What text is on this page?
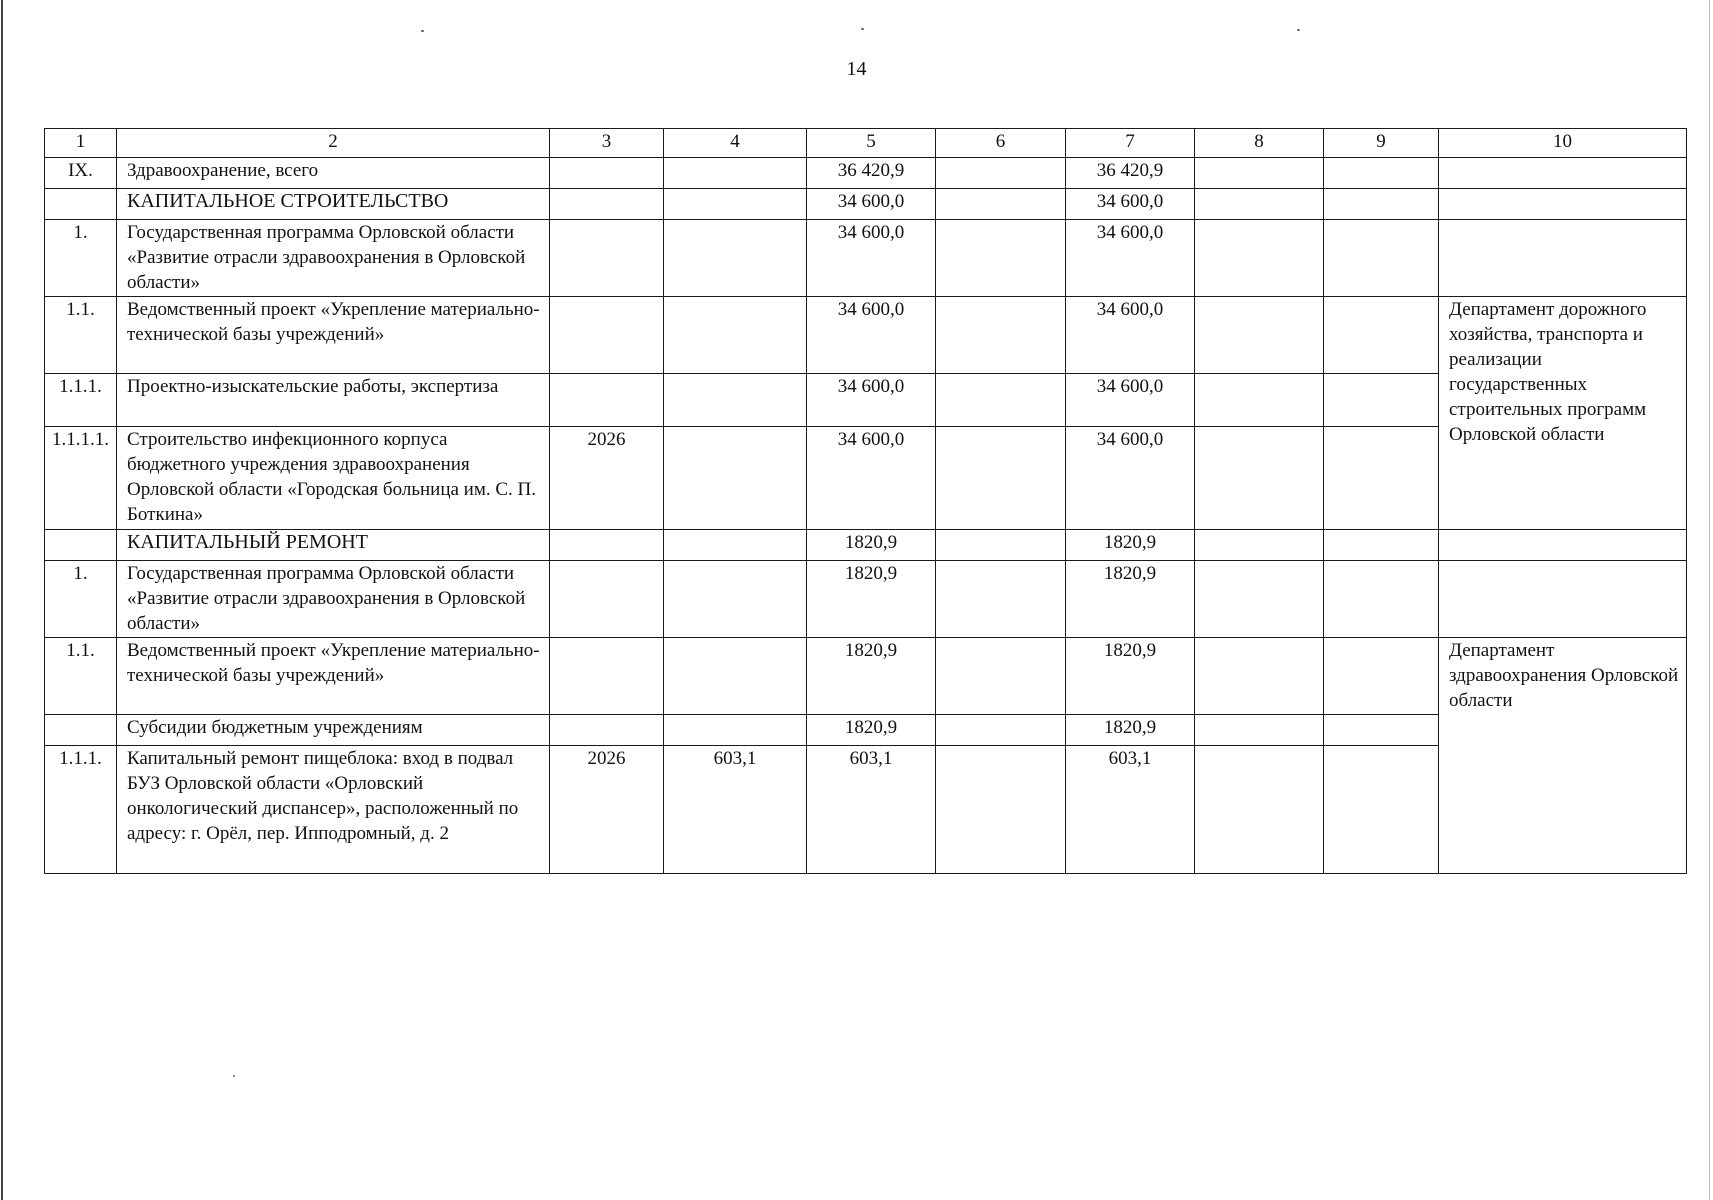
14
1	2	3	4	5	6	7	8	9	10
IX.	Здравоохранение, всего			36 420,9		36 420,9			
	КАПИТАЛЬНОЕ СТРОИТЕЛЬСТВО			34 600,0		34 600,0			
1.	Государственная программа Орловской области «Развитие отрасли здравоохранения в Орловской области»			34 600,0		34 600,0			
1.1.	Ведомственный проект «Укрепление материально-технической базы учреждений»			34 600,0		34 600,0			Департамент дорожного хозяйства, транспорта и реализации государственных строительных программ Орловской области
1.1.1.	Проектно-изыскательские работы, экспертиза			34 600,0		34 600,0			
1.1.1.1.	Строительство инфекционного корпуса бюджетного учреждения здравоохранения Орловской области «Городская больница им. С. П. Боткина»	2026		34 600,0		34 600,0			
	КАПИТАЛЬНЫЙ РЕМОНТ			1820,9		1820,9			
1.	Государственная программа Орловской области «Развитие отрасли здравоохранения в Орловской области»			1820,9		1820,9			
1.1.	Ведомственный проект «Укрепление материально-технической базы учреждений»			1820,9		1820,9			Департамент здравоохранения Орловской области
	Субсидии бюджетным учреждениям			1820,9		1820,9			
1.1.1.	Капитальный ремонт пищеблока: вход в подвал БУЗ Орловской области «Орловский онкологический диспансер», расположенный по адресу: г. Орёл, пер. Ипподромный, д. 2	2026	603,1	603,1		603,1			
